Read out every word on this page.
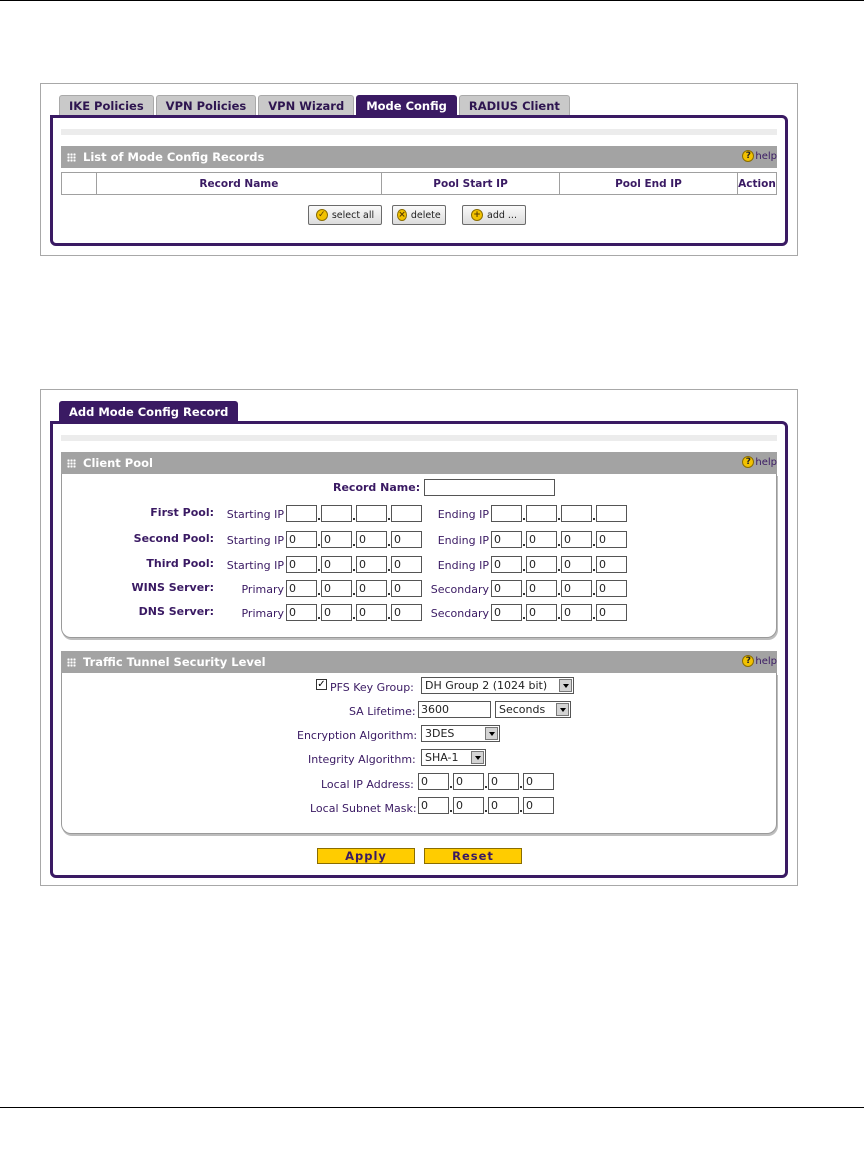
IKE Policies	VPN Policies	VPN Wizard	Mode Config	RADIUS Client
List of Mode Config Records	? help
	Record Name	Pool Start IP	Pool End IP	Action
✓ select all	× delete	+ add ...
Add Mode Config Record
Client Pool	? help
Record Name:
First Pool: Starting IP	Ending IP
Second Pool: Starting IP 0	0	0	0	Ending IP 0	0	0	0
Third Pool: Starting IP 0	0	0	0	Ending IP 0	0	0	0
WINS Server: Primary 0	0	0	0	Secondary 0	0	0	0
DNS Server: Primary 0	0	0	0	Secondary 0	0	0	0
Traffic Tunnel Security Level	? help
✓ PFS Key Group:	DH Group 2 (1024 bit)
SA Lifetime: 3600	Seconds
Encryption Algorithm: 3DES
Integrity Algorithm: SHA-1
Local IP Address: 0	0	0	0
Local Subnet Mask: 0	0	0	0
Apply	Reset
